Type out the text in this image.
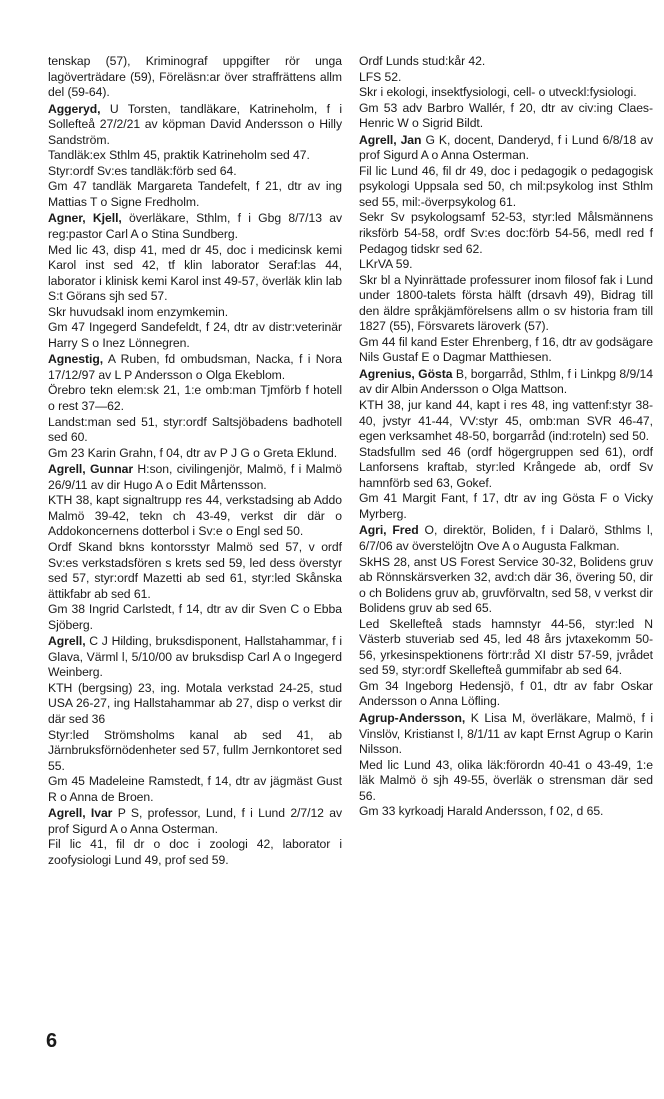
tenskap (57), Kriminograf uppgifter rör unga lagöverträdare (59), Föreläsn:ar över straffrättens allm del (59-64).

Aggeryd, U Torsten, tandläkare, Katrineholm, f i Sollefteå 27/2/21 av köpman David Andersson o Hilly Sandström.

Tandläk:ex Sthlm 45, praktik Katrineholm sed 47.

Styr:ordf Sv:es tandläk:förb sed 64.

Gm 47 tandläk Margareta Tandefelt, f 21, dtr av ing Mattias T o Signe Fredholm.

Agner, Kjell, överläkare, Sthlm, f i Gbg 8/7/13 av reg:pastor Carl A o Stina Sundberg.

Med lic 43, disp 41, med dr 45, doc i medicinsk kemi Karol inst sed 42, tf klin laborator Seraf:las 44, laborator i klinisk kemi Karol inst 49-57, överläk klin lab S:t Görans sjh sed 57.

Skr huvudsakl inom enzymkemin.

Gm 47 Ingegerd Sandefeldt, f 24, dtr av distr:veterinär Harry S o Inez Lönnegren.

Agnestig, A Ruben, fd ombudsman, Nacka, f i Nora 17/12/97 av L P Andersson o Olga Ekeblom.

Örebro tekn elem:sk 21, 1:e omb:man Tjmförb f hotell o rest 37—62.

Landst:man sed 51, styr:ordf Saltsjöbadens badhotell sed 60.

Gm 23 Karin Grahn, f 04, dtr av P J G o Greta Eklund.

Agrell, Gunnar H:son, civilingenjör, Malmö, f i Malmö 26/9/11 av dir Hugo A o Edit Mårtensson.

KTH 38, kapt signaltrupp res 44, verkstadsing ab Addo Malmö 39-42, tekn ch 43-49, verkst dir där o Addokoncernens dotterbol i Sv:e o Engl sed 50.

Ordf Skand bkns kontorsstyr Malmö sed 57, v ordf Sv:es verkstadsfören s krets sed 59, led dess överstyr sed 57, styr:ordf Mazetti ab sed 61, styr:led Skånska ättikfabr ab sed 61.

Gm 38 Ingrid Carlstedt, f 14, dtr av dir Sven C o Ebba Sjöberg.

Agrell, C J Hilding, bruksdisponent, Hallstahammar, f i Glava, Värml l, 5/10/00 av bruksdisp Carl A o Ingegerd Weinberg.

KTH (bergsing) 23, ing. Motala verkstad 24-25, stud USA 26-27, ing Hallstahammar ab 27, disp o verkst dir där sed 36

Styr:led Strömsholms kanal ab sed 41, ab Järnbruksförnödenheter sed 57, fullm Jernkontoret sed 55.

Gm 45 Madeleine Ramstedt, f 14, dtr av jägmäst Gust R o Anna de Broen.

Agrell, Ivar P S, professor, Lund, f i Lund 2/7/12 av prof Sigurd A o Anna Osterman.

Fil lic 41, fil dr o doc i zoologi 42, laborator i zoofysiologi Lund 49, prof sed 59.

Ordf Lunds stud:kår 42.

LFS 52.

Skr i ekologi, insektfysiologi, cell- o utveckl:fysiologi.

Gm 53 adv Barbro Wallér, f 20, dtr av civ:ing Claes-Henric W o Sigrid Bildt.

Agrell, Jan G K, docent, Danderyd, f i Lund 6/8/18 av prof Sigurd A o Anna Osterman.

Fil lic Lund 46, fil dr 49, doc i pedagogik o pedagogisk psykologi Uppsala sed 50, ch mil:psykolog inst Sthlm sed 55, mil:-överpsykolog 61.

Sekr Sv psykologsamf 52-53, styr:led Målsmännens riksförb 54-58, ordf Sv:es doc:förb 54-56, medl red f Pedagog tidskr sed 62.

LKrVA 59.

Skr bl a Nyinrättade professurer inom filosof fak i Lund under 1800-talets första hälft (drsavh 49), Bidrag till den äldre språkjämförelsens allm o sv historia fram till 1827 (55), Försvarets läroverk (57).

Gm 44 fil kand Ester Ehrenberg, f 16, dtr av godsägare Nils Gustaf E o Dagmar Matthiesen.

Agrenius, Gösta B, borgarråd, Sthlm, f i Linkpg 8/9/14 av dir Albin Andersson o Olga Mattson.

KTH 38, jur kand 44, kapt i res 48, ing vattenf:styr 38-40, jvstyr 41-44, VV:styr 45, omb:man SVR 46-47, egen verksamhet 48-50, borgarråd (ind:roteln) sed 50.

Stadsfullm sed 46 (ordf högergruppen sed 61), ordf Lanforsens kraftab, styr:led Krångede ab, ordf Sv hamnförb sed 63, Gokef.

Gm 41 Margit Fant, f 17, dtr av ing Gösta F o Vicky Myrberg.

Agri, Fred O, direktör, Boliden, f i Dalarö, Sthlms l, 6/7/06 av överstelöjtn Ove A o Augusta Falkman.

SkHS 28, anst US Forest Service 30-32, Bolidens gruv ab Rönnskärsverken 32, avd:ch där 36, övering 50, dir o ch Bolidens gruv ab, gruvförvaltn, sed 58, v verkst dir Bolidens gruv ab sed 65.

Led Skellefteå stads hamnstyr 44-56, styr:led N Västerb stuveriab sed 45, led 48 års jvtaxekomm 50-56, yrkesinspektionens förtr:råd XI distr 57-59, jvrådet sed 59, styr:ordf Skellefteå gummifabr ab sed 64.

Gm 34 Ingeborg Hedensjö, f 01, dtr av fabr Oskar Andersson o Anna Löfling.

Agrup-Andersson, K Lisa M, överläkare, Malmö, f i Vinslöv, Kristianst l, 8/1/11 av kapt Ernst Agrup o Karin Nilsson.

Med lic Lund 43, olika läk:förordn 40-41 o 43-49, 1:e läk Malmö ö sjh 49-55, överläk o strensman där sed 56.

Gm 33 kyrkoadj Harald Andersson, f 02, d 65.

6
